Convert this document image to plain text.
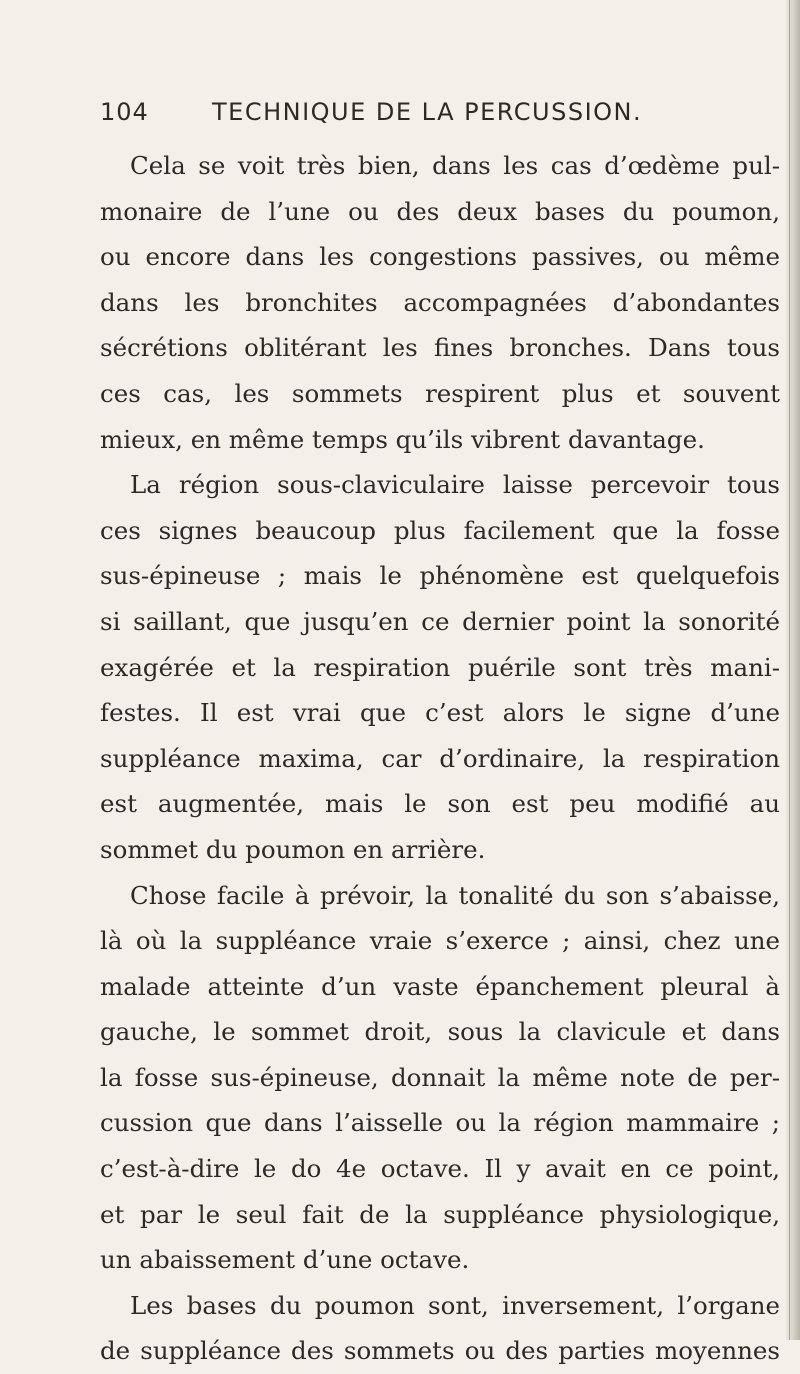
104	TECHNIQUE DE LA PERCUSSION.
Cela se voit très bien, dans les cas d’œdème pul-
monaire de l’une ou des deux bases du poumon,
ou encore dans les congestions passives, ou même
dans les bronchites accompagnées d’abondantes
sécrétions oblitérant les fines bronches. Dans tous
ces cas, les sommets respirent plus et souvent
mieux, en même temps qu’ils vibrent davantage.
La région sous-claviculaire laisse percevoir tous
ces signes beaucoup plus facilement que la fosse
sus-épineuse ; mais le phénomène est quelquefois
si saillant, que jusqu’en ce dernier point la sonorité
exagérée et la respiration puérile sont très mani-
festes. Il est vrai que c’est alors le signe d’une
suppléance maxima, car d’ordinaire, la respiration
est augmentée, mais le son est peu modifié au
sommet du poumon en arrière.
Chose facile à prévoir, la tonalité du son s’abaisse,
là où la suppléance vraie s’exerce ; ainsi, chez une
malade atteinte d’un vaste épanchement pleural à
gauche, le sommet droit, sous la clavicule et dans
la fosse sus-épineuse, donnait la même note de per-
cussion que dans l’aisselle ou la région mammaire ;
c’est-à-dire le do 4e octave. Il y avait en ce point,
et par le seul fait de la suppléance physiologique,
un abaissement d’une octave.
Les bases du poumon sont, inversement, l’organe
de suppléance des sommets ou des parties moyennes
